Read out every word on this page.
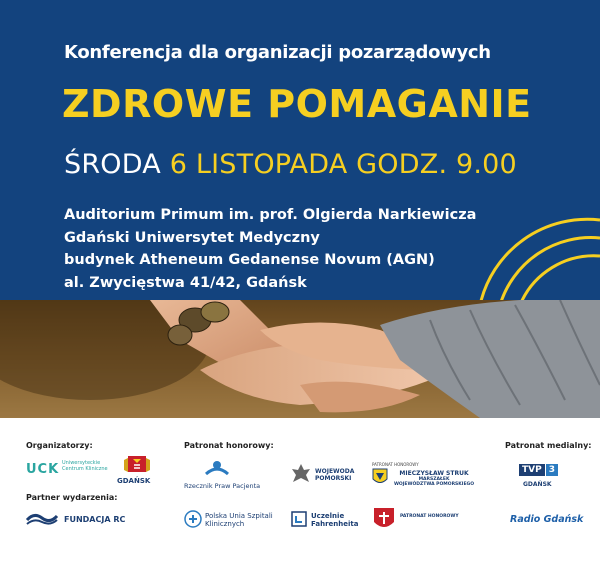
Konferencja dla organizacji pozarządowych
ZDROWE POMAGANIE
ŚRODA 6 LISTOPADA GODZ. 9.00
Auditorium Primum im. prof. Olgierda Narkiewicza
Gdański Uniwersytet Medyczny
budynek Atheneum Gedanense Novum (AGN)
al. Zwycięstwa 41/42, Gdańsk
Organizatorzy:	Patronat honorowy:	Patronat medialny:
Partner wydarzenia:
UCK Uniwersyteckie
Centrum Kliniczne
GDAŃSK
FUNDACJA RC
Rzecznik Praw Pacjenta
WOJEWODA
POMORSKI
PATRONAT HONOROWY
MIECZYSŁAW STRUK
MARSZAŁEK
WOJEWÓDZTWA POMORSKIEGO
Polska Unia Szpitali
Klinicznych
Uczelnie
Fahrenheita
PATRONAT HONOROWY
TVP 3
GDAŃSK
Radio Gdańsk
